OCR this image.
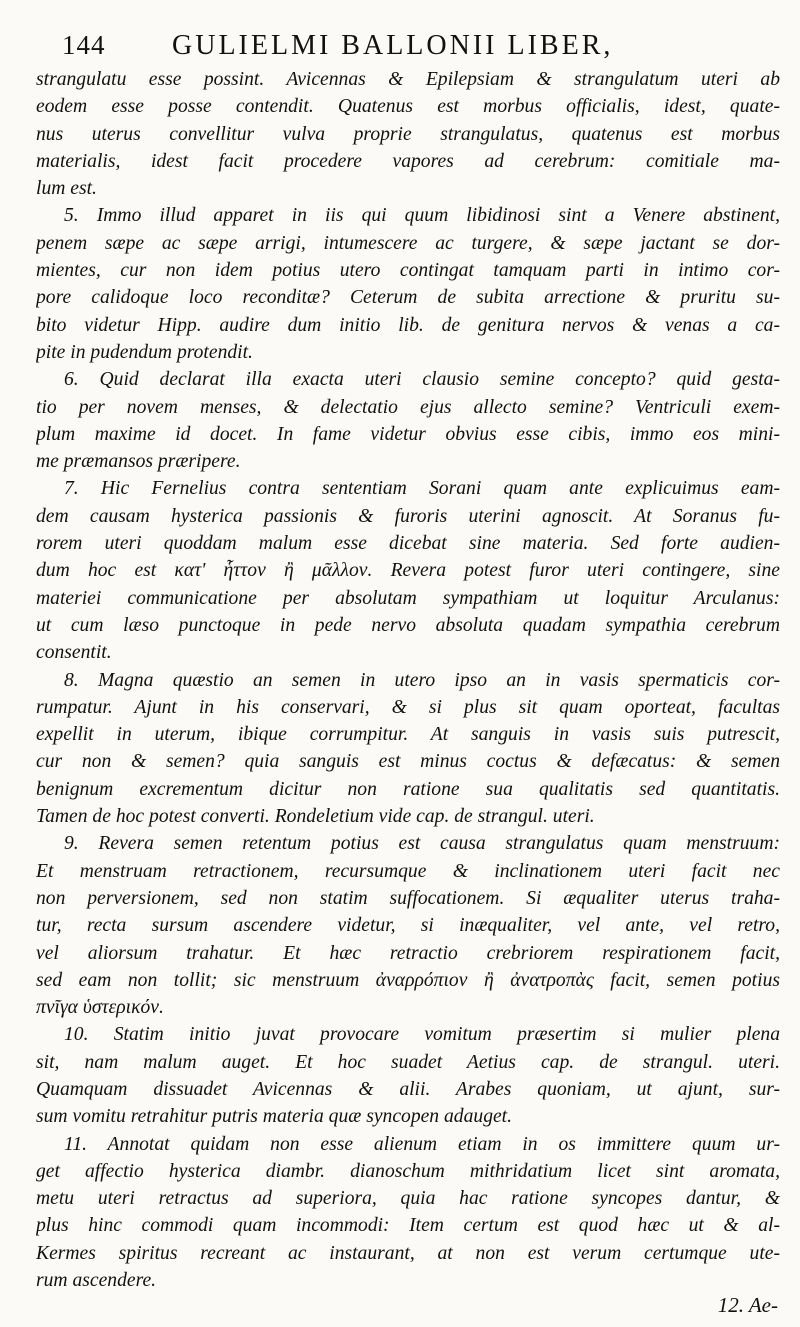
144 GULIELMI BALLONII LIBER,
strangulatu esse possint. Avicennas & Epilepsiam & strangulatum uteri ab
eodem esse posse contendit. Quatenus est morbus officialis, idest, quate-
nus uterus convellitur vulva proprie strangulatus, quatenus est morbus
materialis, idest facit procedere vapores ad cerebrum: comitiale ma-
lum est.
5. Immo illud apparet in iis qui quum libidinosi sint a Venere abstinent,
penem sæpe ac sæpe arrigi, intumescere ac turgere, & sæpe jactant se dor-
mientes, cur non idem potius utero contingat tamquam parti in intimo cor-
pore calidoque loco reconditæ? Ceterum de subita arrectione & pruritu su-
bito videtur Hipp. audire dum initio lib. de genitura nervos & venas a ca-
pite in pudendum protendit.
6. Quid declarat illa exacta uteri clausio semine concepto? quid gesta-
tio per novem menses, & delectatio ejus allecto semine? Ventriculi exem-
plum maxime id docet. In fame videtur obvius esse cibis, immo eos mini-
me præmansos præripere.
7. Hic Fernelius contra sententiam Sorani quam ante explicuimus eam-
dem causam hysterica passionis & furoris uterini agnoscit. At Soranus fu-
rorem uteri quoddam malum esse dicebat sine materia. Sed forte audien-
dum hoc est κατ' ἧττον ἢ μᾶλλον. Revera potest furor uteri contingere, sine
materiei communicatione per absolutam sympathiam ut loquitur Arculanus:
ut cum læso punctoque in pede nervo absoluta quadam sympathia cerebrum
consentit.
8. Magna quæstio an semen in utero ipso an in vasis spermaticis cor-
rumpatur. Ajunt in his conservari, & si plus sit quam oporteat, facultas
expellit in uterum, ibique corrumpitur. At sanguis in vasis suis putrescit,
cur non & semen? quia sanguis est minus coctus & defæcatus: & semen
benignum excrementum dicitur non ratione sua qualitatis sed quantitatis.
Tamen de hoc potest converti. Rondeletium vide cap. de strangul. uteri.
9. Revera semen retentum potius est causa strangulatus quam menstruum:
Et menstruam retractionem, recursumque & inclinationem uteri facit nec
non perversionem, sed non statim suffocationem. Si æqualiter uterus traha-
tur, recta sursum ascendere videtur, si inæqualiter, vel ante, vel retro,
vel aliorsum trahatur. Et hæc retractio crebriorem respirationem facit,
sed eam non tollit; sic menstruum ἀναρρόπιον ἢ ἀνατροπὰς facit, semen potius
πνῖγα ὑστερικόν.
10. Statim initio juvat provocare vomitum præsertim si mulier plena
sit, nam malum auget. Et hoc suadet Aetius cap. de strangul. uteri.
Quamquam dissuadet Avicennas & alii. Arabes quoniam, ut ajunt, sur-
sum vomitu retrahitur putris materia quæ syncopen adauget.
11. Annotat quidam non esse alienum etiam in os immittere quum ur-
get affectio hysterica diambr. dianoschum mithridatium licet sint aromata,
metu uteri retractus ad superiora, quia hac ratione syncopes dantur, &
plus hinc commodi quam incommodi: Item certum est quod hæc ut & al-
Kermes spiritus recreant ac instaurant, at non est verum certumque ute-
rum ascendere.
12. Ae-
